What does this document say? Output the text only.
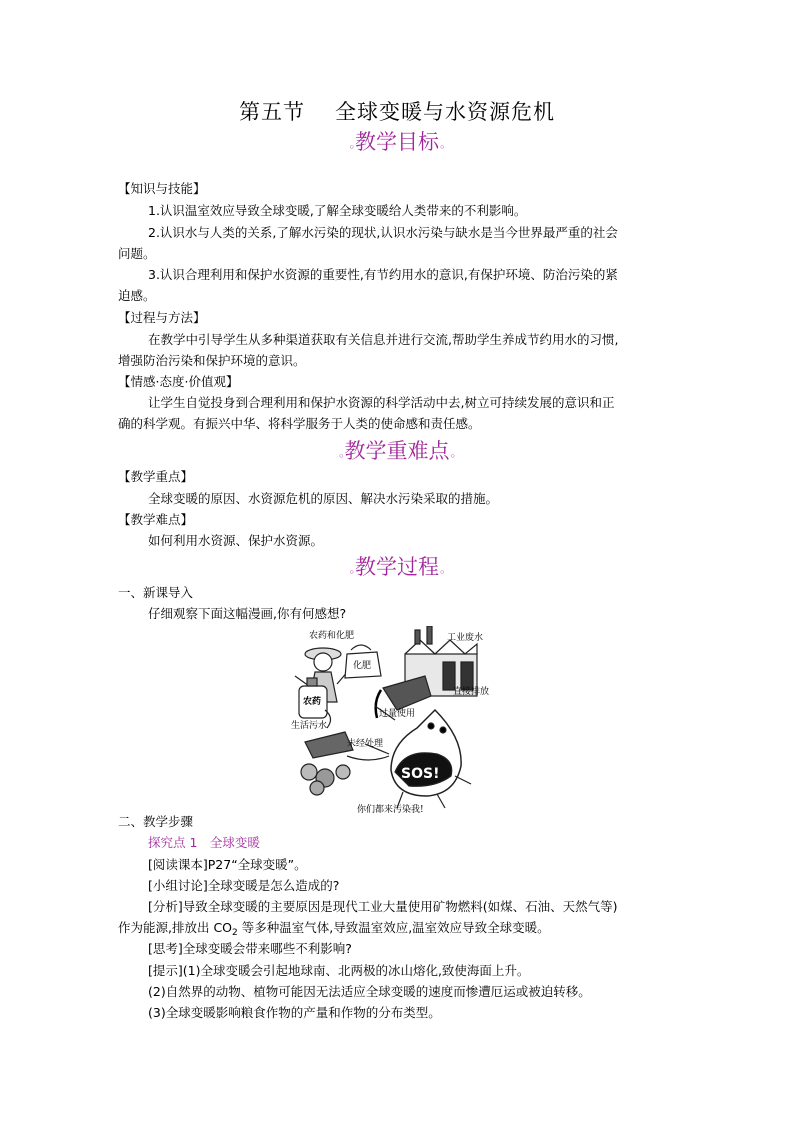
第五节 全球变暖与水资源危机
◦教学目标◦
【知识与技能】
1.认识温室效应导致全球变暖,了解全球变暖给人类带来的不利影响。
2.认识水与人类的关系,了解水污染的现状,认识水污染与缺水是当今世界最严重的社会
问题。
3.认识合理利用和保护水资源的重要性,有节约用水的意识,有保护环境、防治污染的紧
迫感。
【过程与方法】
在教学中引导学生从多种渠道获取有关信息并进行交流,帮助学生养成节约用水的习惯,
增强防治污染和保护环境的意识。
【情感·态度·价值观】
让学生自觉投身到合理利用和保护水资源的科学活动中去,树立可持续发展的意识和正
确的科学观。有振兴中华、将科学服务于人类的使命感和责任感。
◦教学重难点◦
【教学重点】
全球变暖的原因、水资源危机的原因、解决水污染采取的措施。
【教学难点】
如何利用水资源、保护水资源。
◦教学过程◦
一、新课导入
仔细观察下面这幅漫画,你有何感想?
农药和化肥
化肥
工业废水
农药
直接排放
过量使用
生活污水
未经处理
你们都来污染我!
SOS!
二、教学步骤
探究点 1　全球变暖
[阅读课本]P27“全球变暖”。
[小组讨论]全球变暖是怎么造成的?
[分析]导致全球变暖的主要原因是现代工业大量使用矿物燃料(如煤、石油、天然气等)
作为能源,排放出 $CO_2$ 等多种温室气体,导致温室效应,温室效应导致全球变暖。
[思考]全球变暖会带来哪些不利影响?
[提示](1)全球变暖会引起地球南、北两极的冰山熔化,致使海面上升。
(2)自然界的动物、植物可能因无法适应全球变暖的速度而惨遭厄运或被迫转移。
(3)全球变暖影响粮食作物的产量和作物的分布类型。
